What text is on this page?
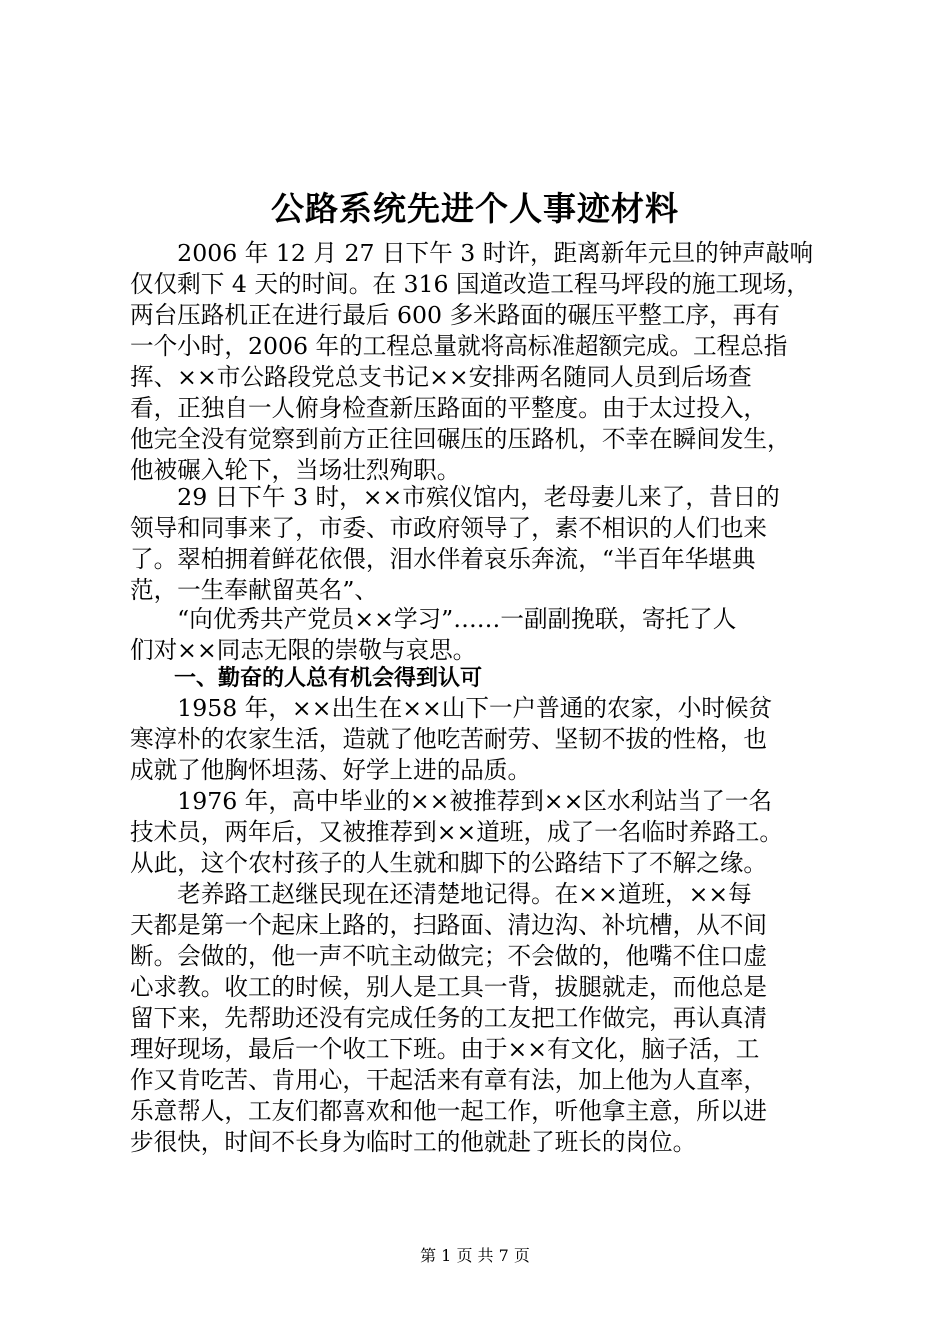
公路系统先进个人事迹材料
　　2006 年 12 月 27 日下午 3 时许，距离新年元旦的钟声敲响
仅仅剩下 4 天的时间。在 316 国道改造工程马坪段的施工现场，
两台压路机正在进行最后 600 多米路面的碾压平整工序，再有
一个小时，2006 年的工程总量就将高标准超额完成。工程总指
挥、××市公路段党总支书记××安排两名随同人员到后场查
看，正独自一人俯身检查新压路面的平整度。由于太过投入，
他完全没有觉察到前方正往回碾压的压路机，不幸在瞬间发生，
他被碾入轮下，当场壮烈殉职。
　　29 日下午 3 时，××市殡仪馆内，老母妻儿来了，昔日的
领导和同事来了，市委、市政府领导了，素不相识的人们也来
了。翠柏拥着鲜花依偎，泪水伴着哀乐奔流，“半百年华堪典
范，一生奉献留英名”、
　　“向优秀共产党员××学习”……一副副挽联，寄托了人
们对××同志无限的崇敬与哀思。
　　一、勤奋的人总有机会得到认可
　　1958 年，××出生在××山下一户普通的农家，小时候贫
寒淳朴的农家生活，造就了他吃苦耐劳、坚韧不拔的性格，也
成就了他胸怀坦荡、好学上进的品质。
　　1976 年，高中毕业的××被推荐到××区水利站当了一名
技术员，两年后，又被推荐到××道班，成了一名临时养路工。
从此，这个农村孩子的人生就和脚下的公路结下了不解之缘。
　　老养路工赵继民现在还清楚地记得。在××道班，××每
天都是第一个起床上路的，扫路面、清边沟、补坑槽，从不间
断。会做的，他一声不吭主动做完；不会做的，他嘴不住口虚
心求教。收工的时候，别人是工具一背，拔腿就走，而他总是
留下来，先帮助还没有完成任务的工友把工作做完，再认真清
理好现场，最后一个收工下班。由于××有文化，脑子活，工
作又肯吃苦、肯用心，干起活来有章有法，加上他为人直率，
乐意帮人，工友们都喜欢和他一起工作，听他拿主意，所以进
步很快，时间不长身为临时工的他就赴了班长的岗位。
第 1 页 共 7 页
